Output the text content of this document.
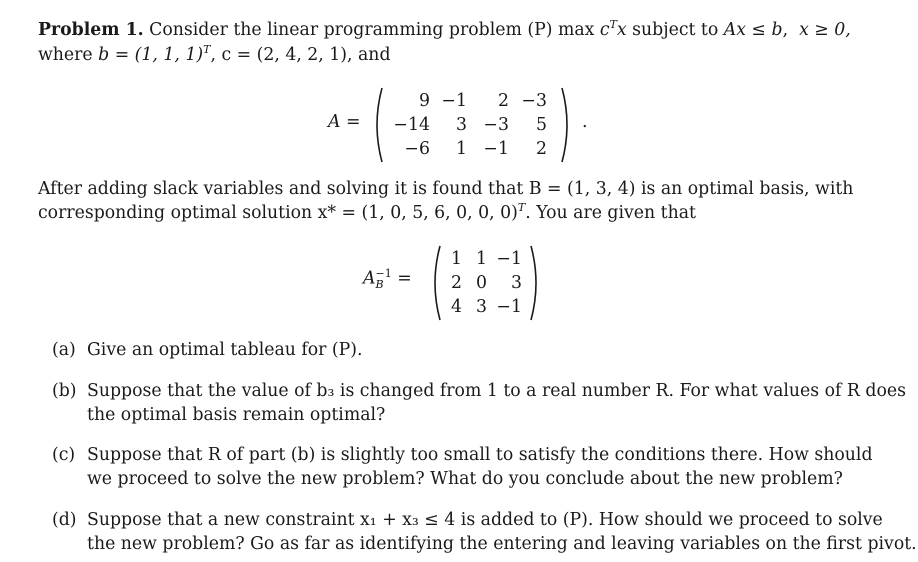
Problem 1. Consider the linear programming problem (P) $\max c^Tx$ subject to Ax ≤ b, x ≥ 0,
where b = (1, 1, 1)$^T$, c = (2, 4, 2, 1), and
A =
9 −1	2 −3
−14	3 −3	5
−6	1 −1	2
.
After adding slack variables and solving it is found that B = (1, 3, 4) is an optimal basis, with
corresponding optimal solution x* = (1, 0, 5, 6, 0, 0, 0)$^T$. You are given that
A −1
B =
1 1 −1
2 0	3
4 3 −1
(a) Give an optimal tableau for (P).
(b) Suppose that the value of b₃ is changed from 1 to a real number R. For what values of R does
the optimal basis remain optimal?
(c) Suppose that R of part (b) is slightly too small to satisfy the conditions there. How should
we proceed to solve the new problem? What do you conclude about the new problem?
(d) Suppose that a new constraint x₁ + x₃ ≤ 4 is added to (P). How should we proceed to solve
the new problem? Go as far as identifying the entering and leaving variables on the first pivot.
